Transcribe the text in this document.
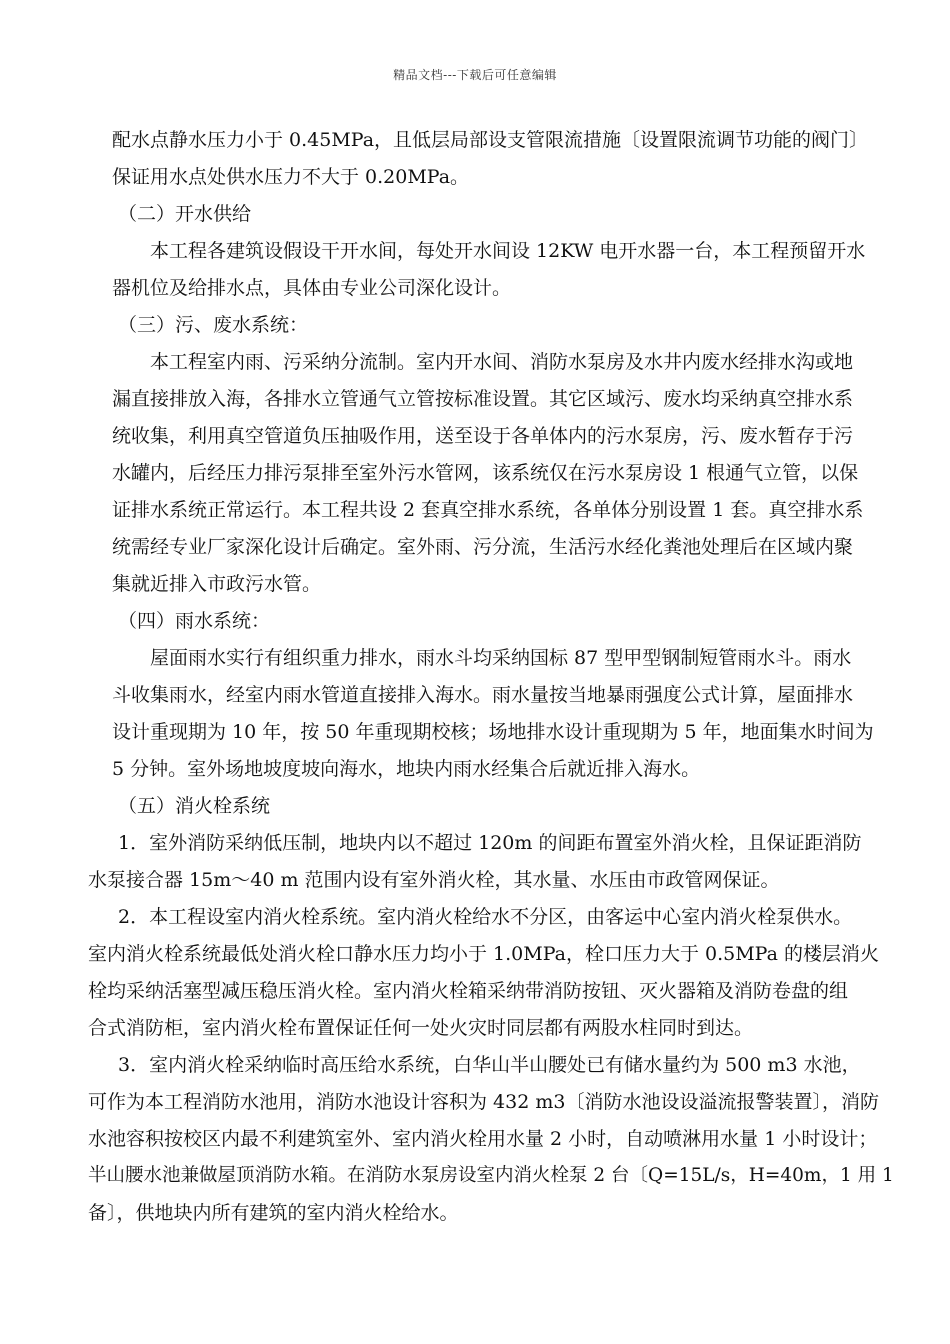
精品文档---下载后可任意编辑
配水点静水压力小于 0.45MPa，且低层局部设支管限流措施〔设置限流调节功能的阀门〕
保证用水点处供水压力不大于 0.20MPa。
（二）开水供给
本工程各建筑设假设干开水间，每处开水间设 12KW 电开水器一台，本工程预留开水
器机位及给排水点，具体由专业公司深化设计。
（三）污、废水系统：
本工程室内雨、污采纳分流制。室内开水间、消防水泵房及水井内废水经排水沟或地
漏直接排放入海，各排水立管通气立管按标准设置。其它区域污、废水均采纳真空排水系
统收集，利用真空管道负压抽吸作用，送至设于各单体内的污水泵房，污、废水暂存于污
水罐内，后经压力排污泵排至室外污水管网，该系统仅在污水泵房设 1 根通气立管，以保
证排水系统正常运行。本工程共设 2 套真空排水系统，各单体分别设置 1 套。真空排水系
统需经专业厂家深化设计后确定。室外雨、污分流，生活污水经化粪池处理后在区域内聚
集就近排入市政污水管。
（四）雨水系统：
屋面雨水实行有组织重力排水，雨水斗均采纳国标 87 型甲型钢制短管雨水斗。雨水
斗收集雨水，经室内雨水管道直接排入海水。雨水量按当地暴雨强度公式计算，屋面排水
设计重现期为 10 年，按 50 年重现期校核；场地排水设计重现期为 5 年，地面集水时间为
5 分钟。室外场地坡度坡向海水，地块内雨水经集合后就近排入海水。
（五）消火栓系统
1．室外消防采纳低压制，地块内以不超过 120m 的间距布置室外消火栓，且保证距消防
水泵接合器 15m～40 m 范围内设有室外消火栓，其水量、水压由市政管网保证。
2．本工程设室内消火栓系统。室内消火栓给水不分区，由客运中心室内消火栓泵供水。
室内消火栓系统最低处消火栓口静水压力均小于 1.0MPa，栓口压力大于 0.5MPa 的楼层消火
栓均采纳活塞型减压稳压消火栓。室内消火栓箱采纳带消防按钮、灭火器箱及消防卷盘的组
合式消防柜，室内消火栓布置保证任何一处火灾时同层都有两股水柱同时到达。
3．室内消火栓采纳临时高压给水系统，白华山半山腰处已有储水量约为 500 m3 水池，
可作为本工程消防水池用，消防水池设计容积为 432 m3〔消防水池设设溢流报警装置〕，消防
水池容积按校区内最不利建筑室外、室内消火栓用水量 2 小时，自动喷淋用水量 1 小时设计；
半山腰水池兼做屋顶消防水箱。在消防水泵房设室内消火栓泵 2 台〔Q=15L/s，H=40m，1 用 1
备〕，供地块内所有建筑的室内消火栓给水。
